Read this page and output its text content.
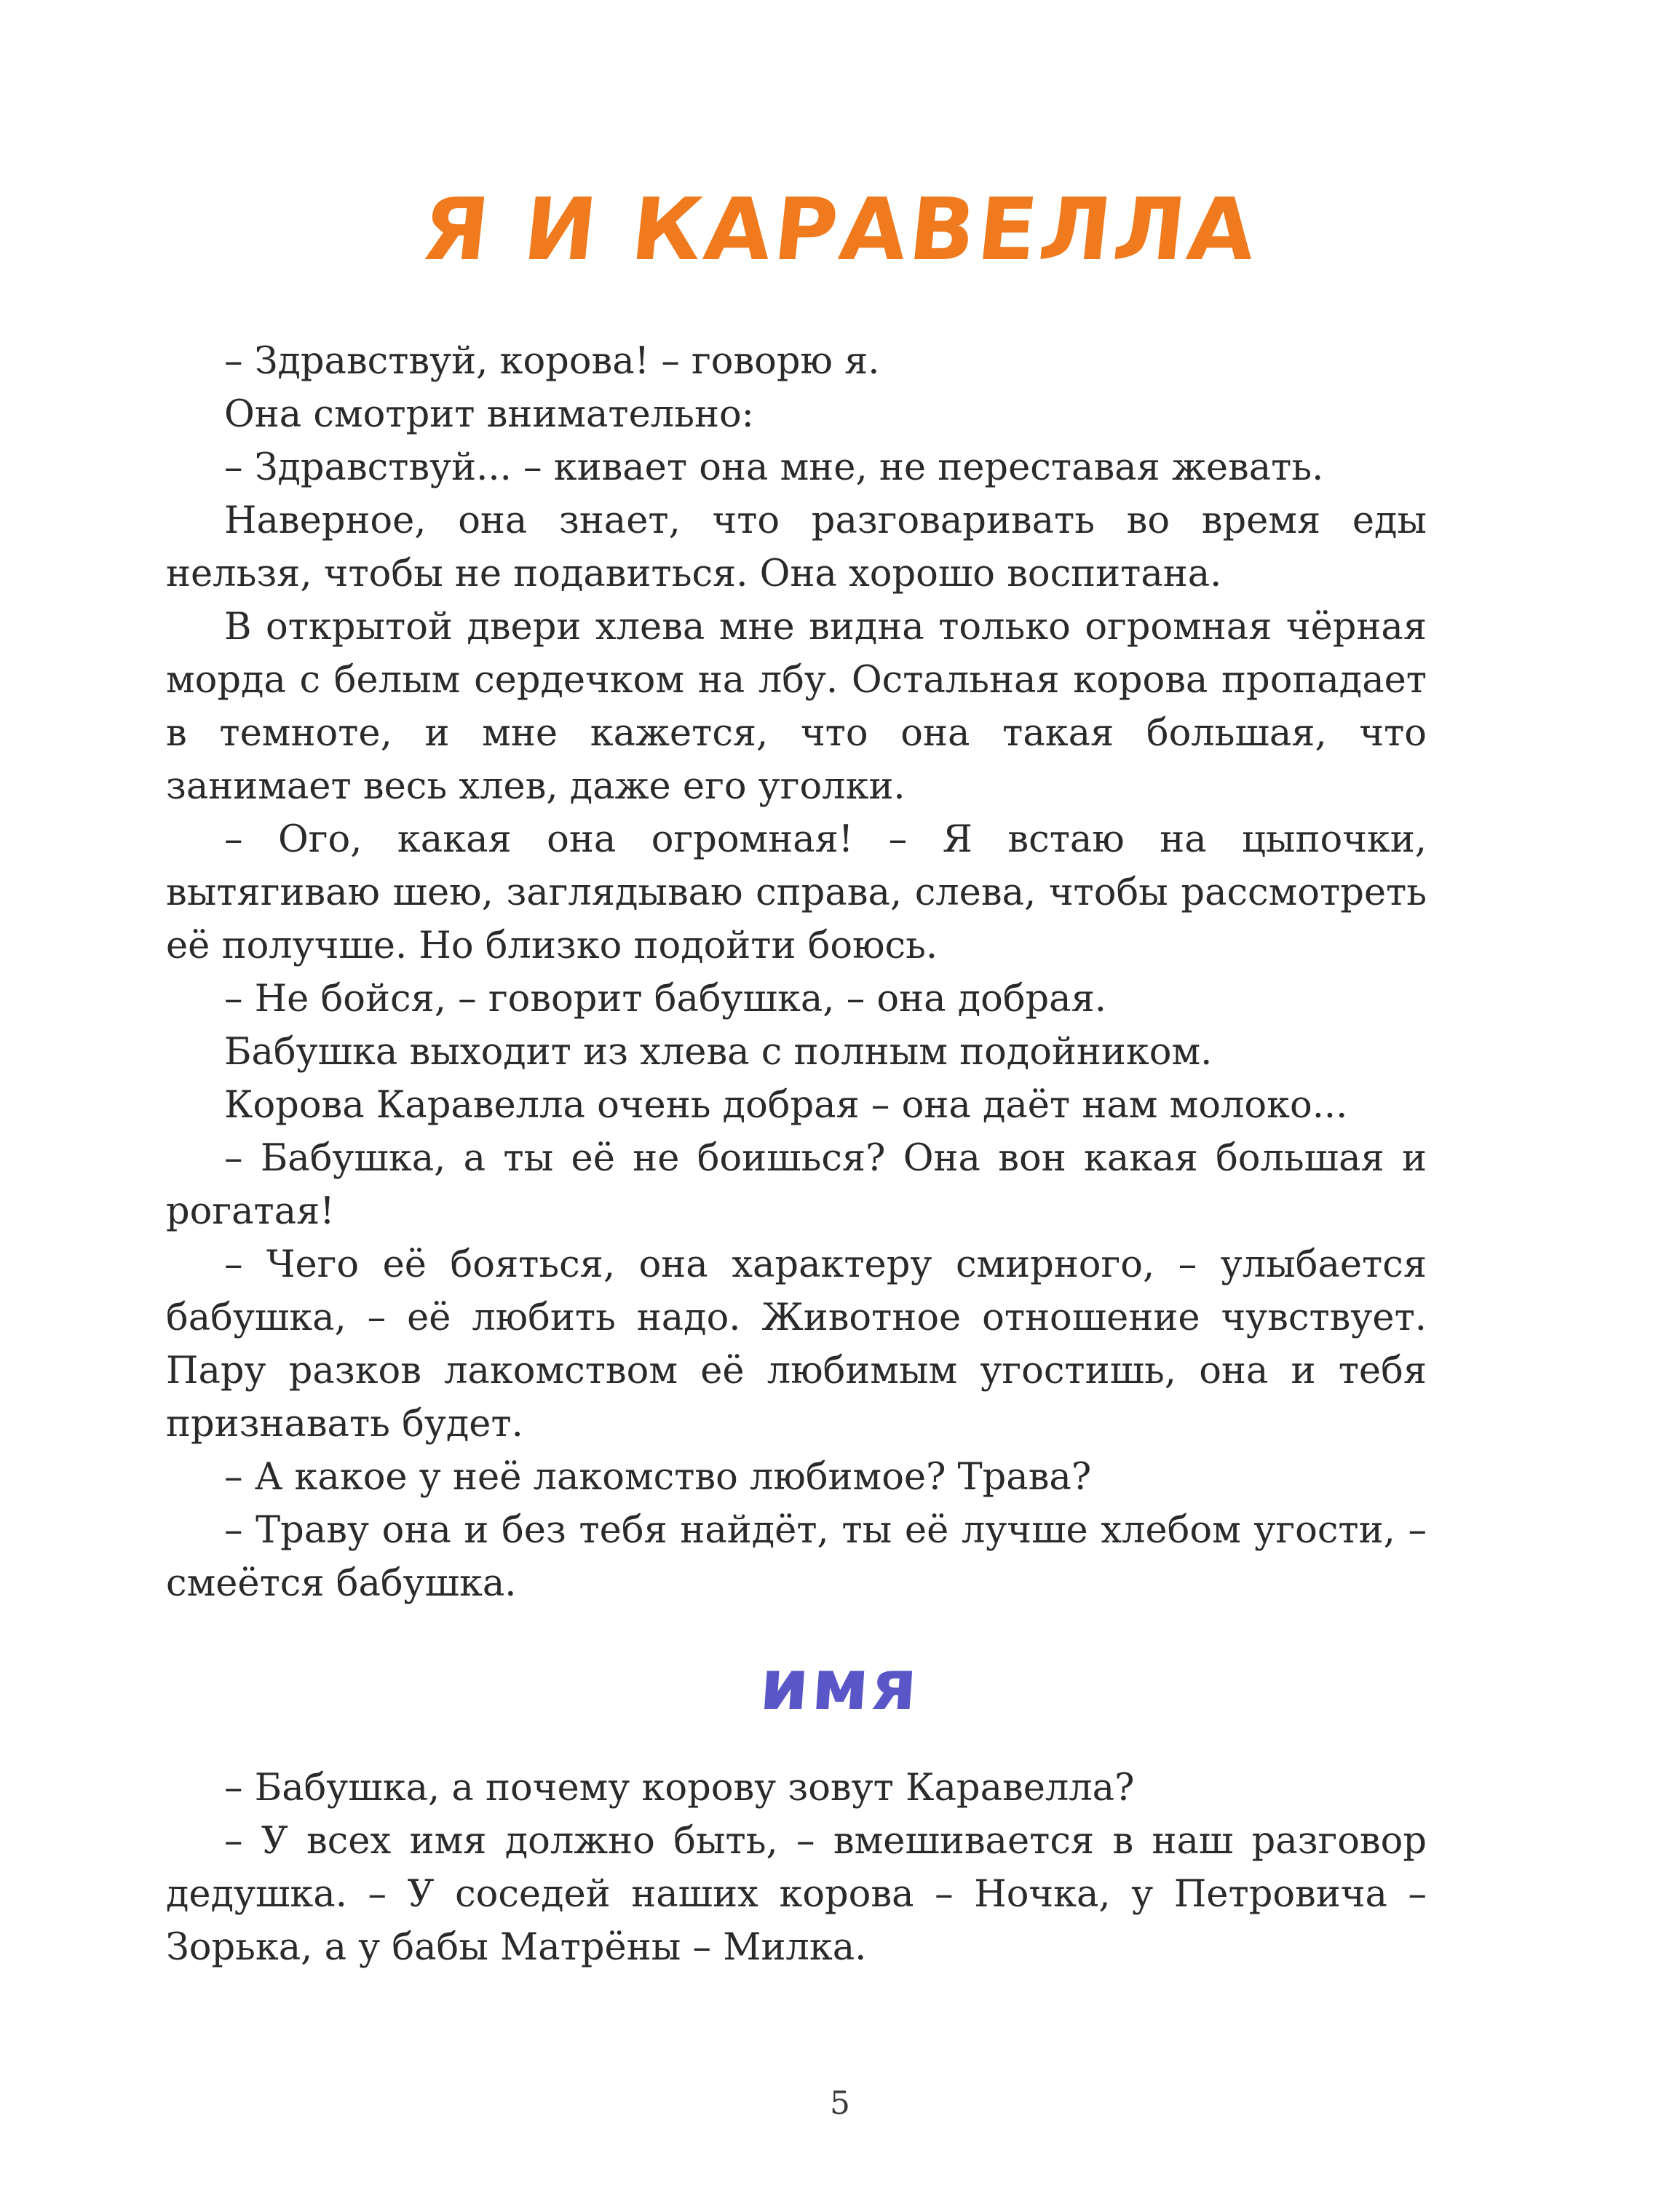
Я И КАРАВЕЛЛА

– Здравствуй, корова! – говорю я.

Она смотрит внимательно:

– Здравствуй... – кивает она мне, не переставая жевать.

Наверное, она знает, что разговаривать во время еды нельзя, чтобы не подавиться. Она хорошо воспитана.

В открытой двери хлева мне видна только огромная чёрная морда с белым сердечком на лбу. Остальная корова пропадает в темноте, и мне кажется, что она такая большая, что занимает весь хлев, даже его уголки.

– Ого, какая она огромная! – Я встаю на цыпочки, вытягиваю шею, заглядываю справа, слева, чтобы рассмотреть её получше. Но близко подойти боюсь.

– Не бойся, – говорит бабушка, – она добрая.

Бабушка выходит из хлева с полным подойником.

Корова Каравелла очень добрая – она даёт нам молоко...

– Бабушка, а ты её не боишься? Она вон какая большая и рогатая!

– Чего её бояться, она характеру смирного, – улыбается бабушка, – её любить надо. Животное отношение чувствует. Пару разков лакомством её любимым угостишь, она и тебя признавать будет.

– А какое у неё лакомство любимое? Трава?

– Траву она и без тебя найдёт, ты её лучше хлебом угости, – смеётся бабушка.

имя

– Бабушка, а почему корову зовут Каравелла?

– У всех имя должно быть, – вмешивается в наш разговор дедушка. – У соседей наших корова – Ночка, у Петровича – Зорька, а у бабы Матрёны – Милка.

5
